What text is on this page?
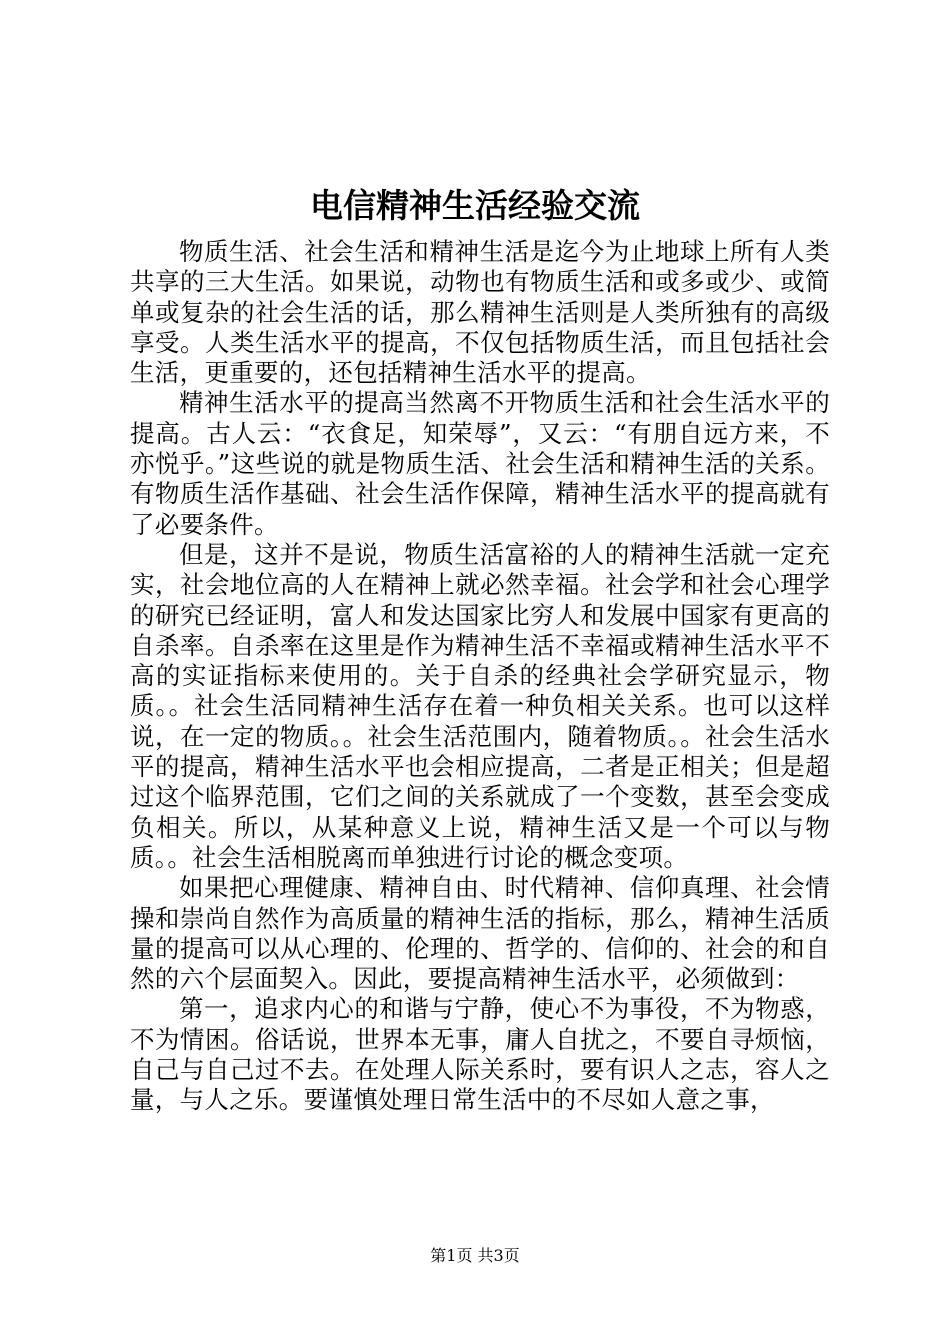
电信精神生活经验交流

物质生活、社会生活和精神生活是迄今为止地球上所有人类共享的三大生活。如果说，动物也有物质生活和或多或少、或简单或复杂的社会生活的话，那么精神生活则是人类所独有的高级享受。人类生活水平的提高，不仅包括物质生活，而且包括社会生活，更重要的，还包括精神生活水平的提高。

精神生活水平的提高当然离不开物质生活和社会生活水平的提高。古人云：“衣食足，知荣辱”，又云：“有朋自远方来，不亦悦乎。”这些说的就是物质生活、社会生活和精神生活的关系。有物质生活作基础、社会生活作保障，精神生活水平的提高就有了必要条件。

但是，这并不是说，物质生活富裕的人的精神生活就一定充实，社会地位高的人在精神上就必然幸福。社会学和社会心理学的研究已经证明，富人和发达国家比穷人和发展中国家有更高的自杀率。自杀率在这里是作为精神生活不幸福或精神生活水平不高的实证指标来使用的。关于自杀的经典社会学研究显示，物质。。社会生活同精神生活存在着一种负相关关系。也可以这样说，在一定的物质。。社会生活范围内，随着物质。。社会生活水平的提高，精神生活水平也会相应提高，二者是正相关；但是超过这个临界范围，它们之间的关系就成了一个变数，甚至会变成负相关。所以，从某种意义上说，精神生活又是一个可以与物质。。社会生活相脱离而单独进行讨论的概念变项。

如果把心理健康、精神自由、时代精神、信仰真理、社会情操和崇尚自然作为高质量的精神生活的指标，那么，精神生活质量的提高可以从心理的、伦理的、哲学的、信仰的、社会的和自然的六个层面契入。因此，要提高精神生活水平，必须做到：

第一，追求内心的和谐与宁静，使心不为事役，不为物惑，不为情困。俗话说，世界本无事，庸人自扰之，不要自寻烦恼，自己与自己过不去。在处理人际关系时，要有识人之志，容人之量，与人之乐。要谨慎处理日常生活中的不尽如人意之事，

第1页 共3页
